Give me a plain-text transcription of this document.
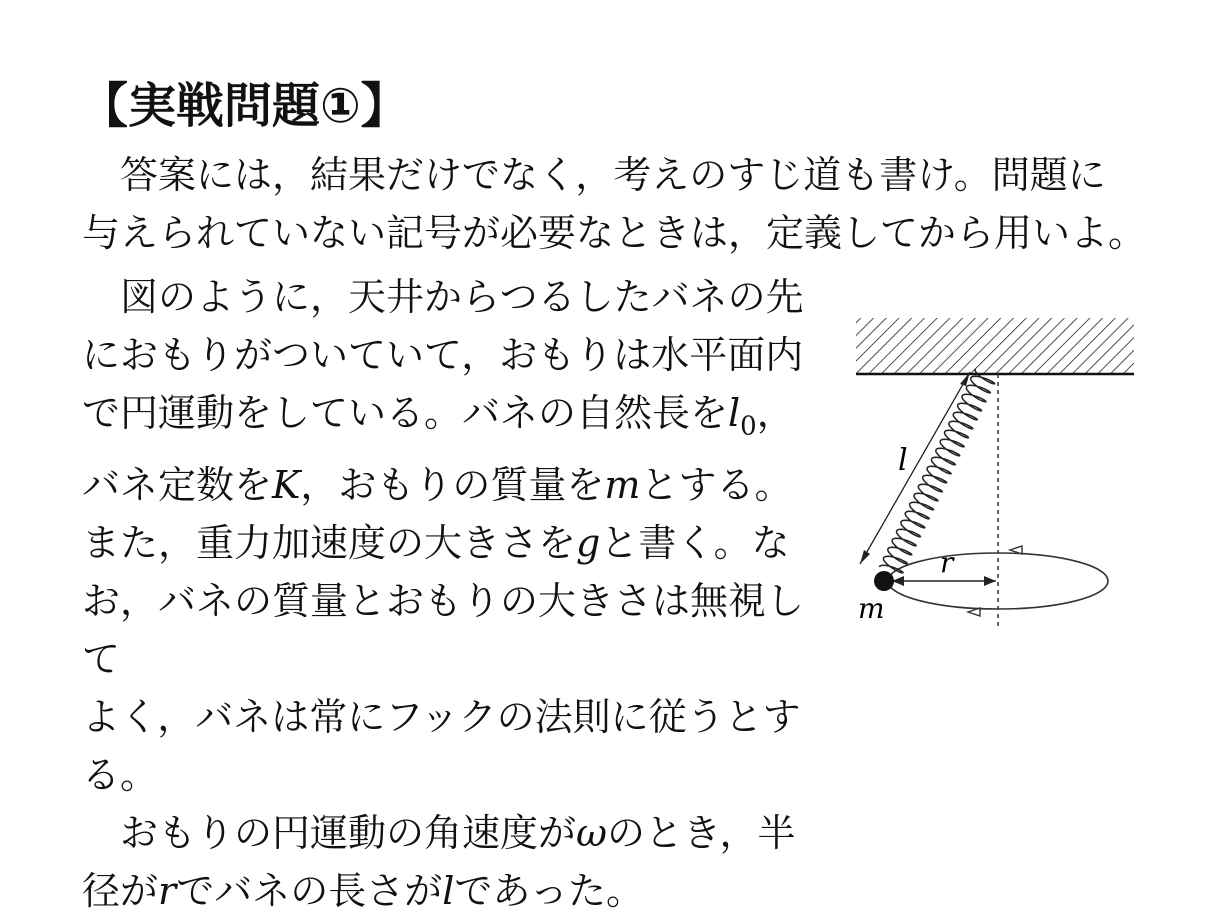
【実戦問題①】

答案には，結果だけでなく，考えのすじ道も書け。問題に

与えられていない記号が必要なときは，定義してから用いよ。

図のように，天井からつるしたバネの先

におもりがついていて，おもりは水平面内

で円運動をしている。バネの自然長を$l_0$，

バネ定数をK，おもりの質量をmとする。

また，重力加速度の大きさをgと書く。な

お，バネの質量とおもりの大きさは無視して

よく，バネは常にフックの法則に従うとする。

おもりの円運動の角速度がωのとき，半

径がrでバネの長さがlであった。

l
r
m
